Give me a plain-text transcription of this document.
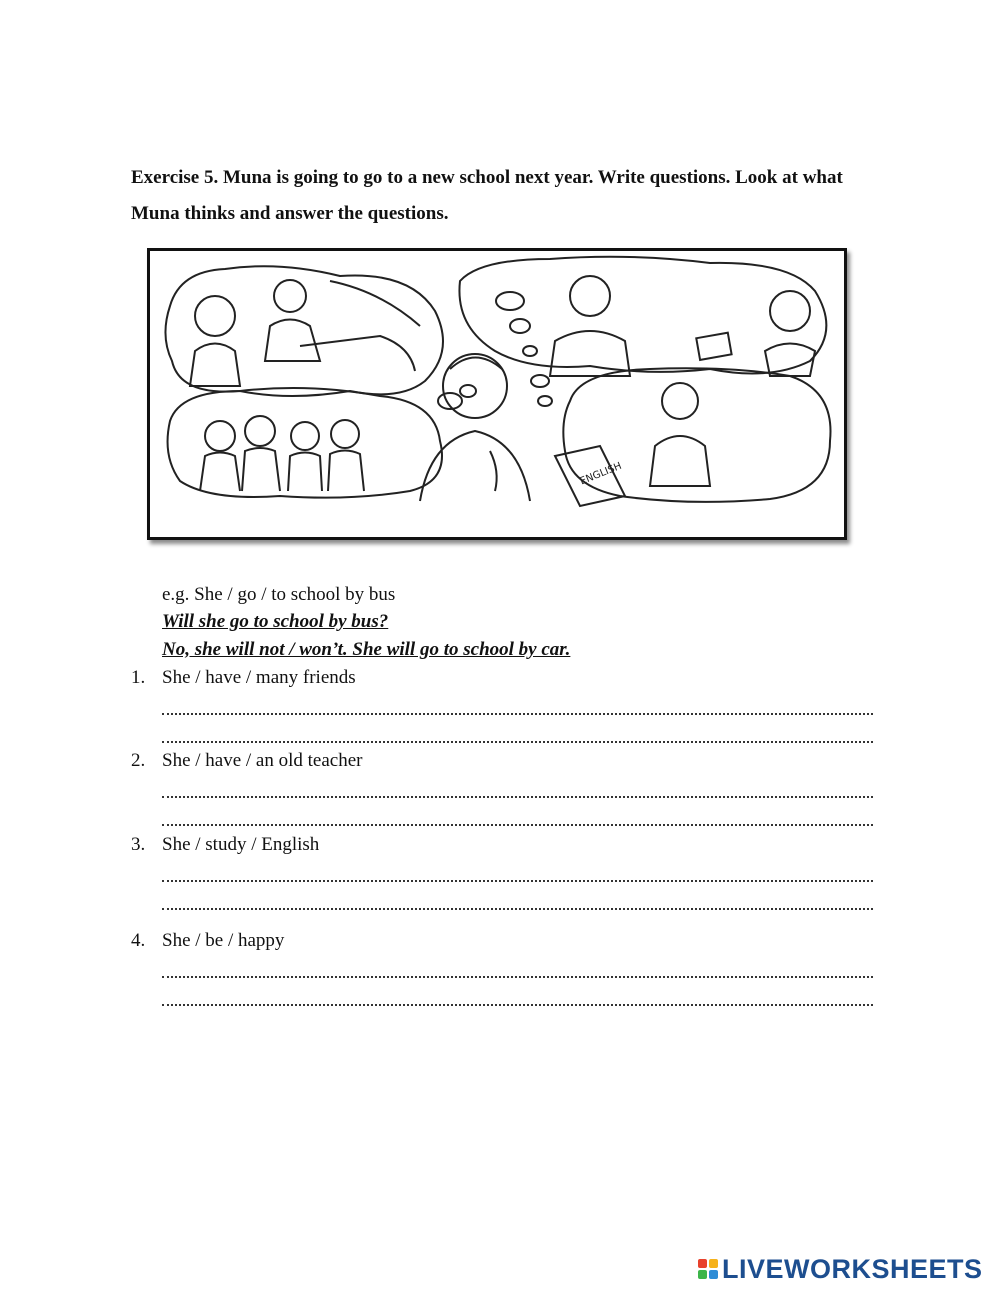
Exercise 5. Muna is going to go to a new school next year. Write questions. Look at what Muna thinks and answer the questions.
ENGLISH
e.g. She / go / to school by bus
Will she go to school by bus?
No, she will not / won’t. She will go to school by car.
1. She / have / many friends
2. She / have / an old teacher
3. She / study / English
4. She / be / happy
LIVEWORKSHEETS
